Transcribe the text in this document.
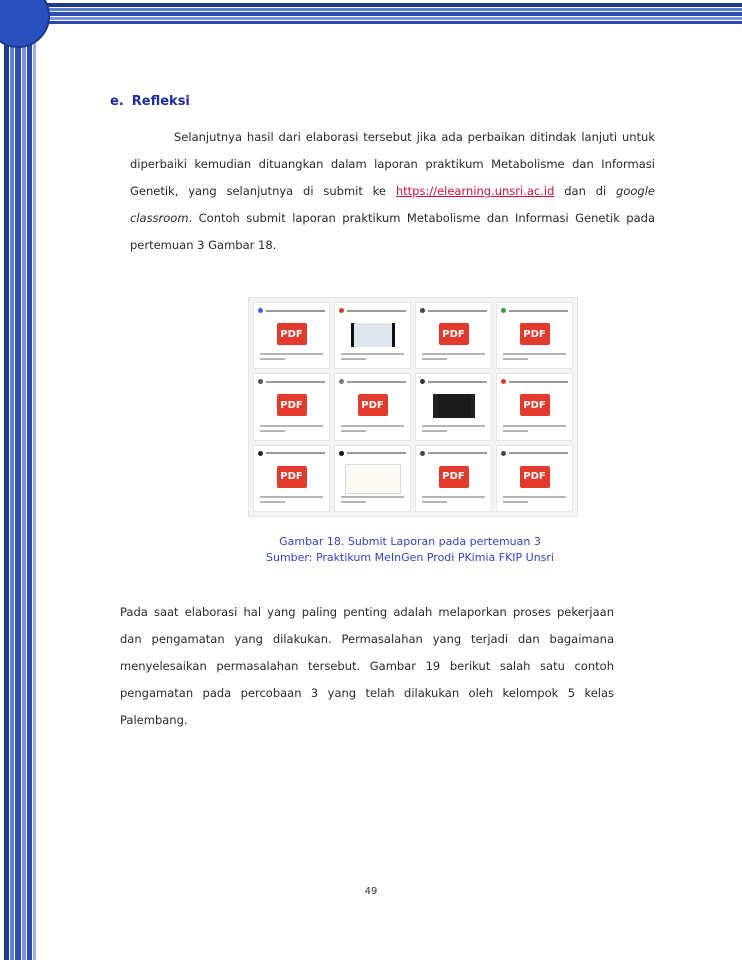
e. Refleksi
Selanjutnya hasil dari elaborasi tersebut jika ada perbaikan ditindak lanjuti untuk diperbaiki kemudian dituangkan dalam laporan praktikum Metabolisme dan Informasi Genetik, yang selanjutnya di submit ke https://elearning.unsri.ac.id dan di google classroom. Contoh submit laporan praktikum Metabolisme dan Informasi Genetik pada pertemuan 3 Gambar 18.
PDF	PDF	PDF
PDF	PDF	PDF
PDF	PDF	PDF
Gambar 18. Submit Laporan pada pertemuan 3
Sumber: Praktikum MeInGen Prodi PKimia FKIP Unsri
Pada saat elaborasi hal yang paling penting adalah melaporkan proses pekerjaan dan pengamatan yang dilakukan. Permasalahan yang terjadi dan bagaimana menyelesaikan permasalahan tersebut. Gambar 19 berikut salah satu contoh pengamatan pada percobaan 3 yang telah dilakukan oleh kelompok 5 kelas Palembang.
49
